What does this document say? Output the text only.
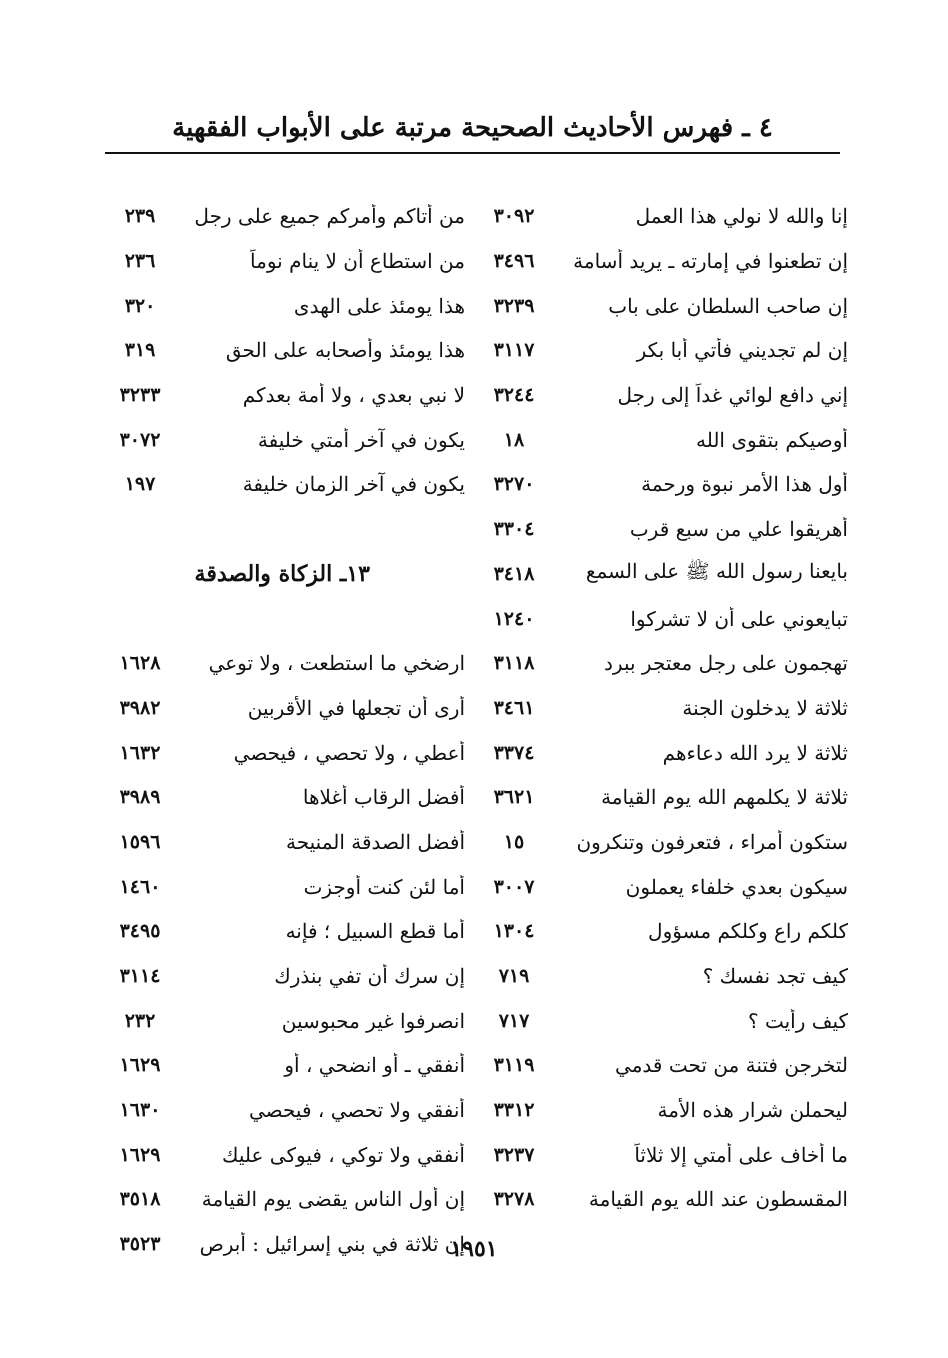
٤ ـ فهرس الأحاديث الصحيحة مرتبة على الأبواب الفقهية
إنا والله لا نولي هذا العمل
٣٠٩٢
إن تطعنوا في إمارته ـ يريد أسامة
٣٤٩٦
إن صاحب السلطان على باب
٣٢٣٩
إن لم تجديني فأتي أبا بكر
٣١١٧
إني دافع لوائي غداً إلى رجل
٣٢٤٤
أوصيكم بتقوى الله
١٨
أول هذا الأمر نبوة ورحمة
٣٢٧٠
أهريقوا علي من سبع قرب
٣٣٠٤
بايعنا رسول الله ﷺ على السمع
٣٤١٨
تبايعوني على أن لا تشركوا
١٢٤٠
تهجمون على رجل معتجر ببرد
٣١١٨
ثلاثة لا يدخلون الجنة
٣٤٦١
ثلاثة لا يرد الله دعاءهم
٣٣٧٤
ثلاثة لا يكلمهم الله يوم القيامة
٣٦٢١
ستكون أمراء ، فتعرفون وتنكرون
١٥
سيكون بعدي خلفاء يعملون
٣٠٠٧
كلكم راع وكلكم مسؤول
١٣٠٤
كيف تجد نفسك ؟
٧١٩
كيف رأيت ؟
٧١٧
لتخرجن فتنة من تحت قدمي
٣١١٩
ليحملن شرار هذه الأمة
٣٣١٢
ما أخاف على أمتي إلا ثلاثاً
٣٢٣٧
المقسطون عند الله يوم القيامة
٣٢٧٨
من أتاكم وأمركم جميع على رجل
٢٣٩
من استطاع أن لا ينام نوماً
٢٣٦
هذا يومئذ على الهدى
٣٢٠
هذا يومئذ وأصحابه على الحق
٣١٩
لا نبي بعدي ، ولا أمة بعدكم
٣٢٣٣
يكون في آخر أمتي خليفة
٣٠٧٢
يكون في آخر الزمان خليفة
١٩٧
١٣ـ الزكاة والصدقة
ارضخي ما استطعت ، ولا توعي
١٦٢٨
أرى أن تجعلها في الأقربين
٣٩٨٢
أعطي ، ولا تحصي ، فيحصي
١٦٣٢
أفضل الرقاب أغلاها
٣٩٨٩
أفضل الصدقة المنيحة
١٥٩٦
أما لئن كنت أوجزت
١٤٦٠
أما قطع السبيل ؛ فإنه
٣٤٩٥
إن سرك أن تفي بنذرك
٣١١٤
انصرفوا غير محبوسين
٢٣٢
أنفقي ـ أو انضحي ، أو
١٦٢٩
أنفقي ولا تحصي ، فيحصي
١٦٣٠
أنفقي ولا توكي ، فيوكى عليك
١٦٢٩
إن أول الناس يقضى يوم القيامة
٣٥١٨
إن ثلاثة في بني إسرائيل : أبرص
٣٥٢٣	١٩٥١
